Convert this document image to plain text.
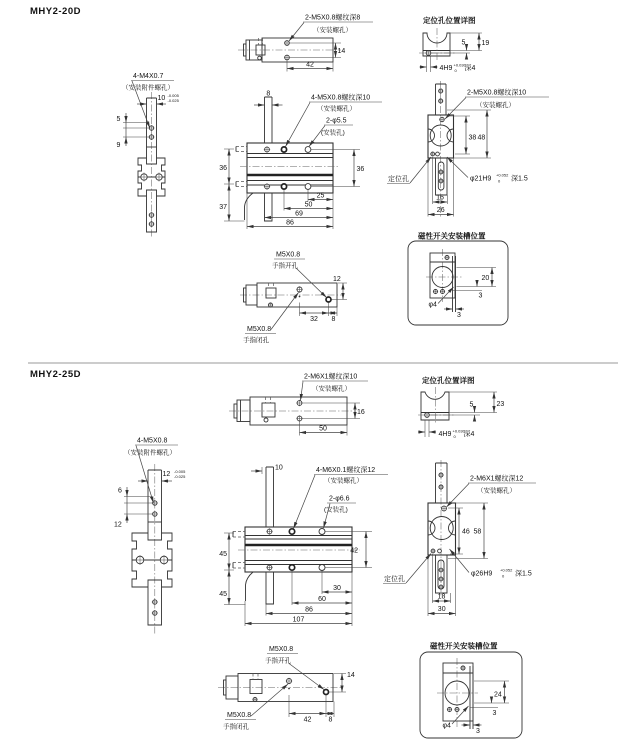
MHY2-20D
4-M4X0.7
（安装附件螺孔）
10 -0.005
-0.025
5
9
2-M5X0.8螺纹深8
（安装螺孔）
14
42
定位孔位置详图
19
5
4H9 +0.030
0 深4
8
4-M5X0.8螺纹深10
（安装螺孔）
2-φ5.5
(安装孔)
36
37
36
25
50
69
86
2-M5X0.8螺纹深10
（安装螺孔）
38 48
φ21H9
+0.052
0 深1.5
定位孔
16
26
M5X0.8
手指开孔
M5X0.8
手指闭孔
12
32 8
磁性开关安装槽位置
20
3
φ4
3
MHY2-25D
4-M5X0.8
（安装附件螺孔）
12 -0.005
-0.025
6
12
2-M6X1螺纹深10
（安装螺孔）
16
50
定位孔位置详图
23
5
4H9 +0.030
0 深4
10	4-M6X0.1螺纹深12
（安装螺孔）
2-φ6.6
(安装孔)
45
45
42
30
60
86
107
2-M6X1螺纹深12
（安装螺孔）
46 58
φ26H9
+0.052
0 深1.5
定位孔
18
30
M5X0.8
手指开孔
M5X0.8
手指闭孔
14
42 8
磁性开关安装槽位置
24
3
φ4
3
